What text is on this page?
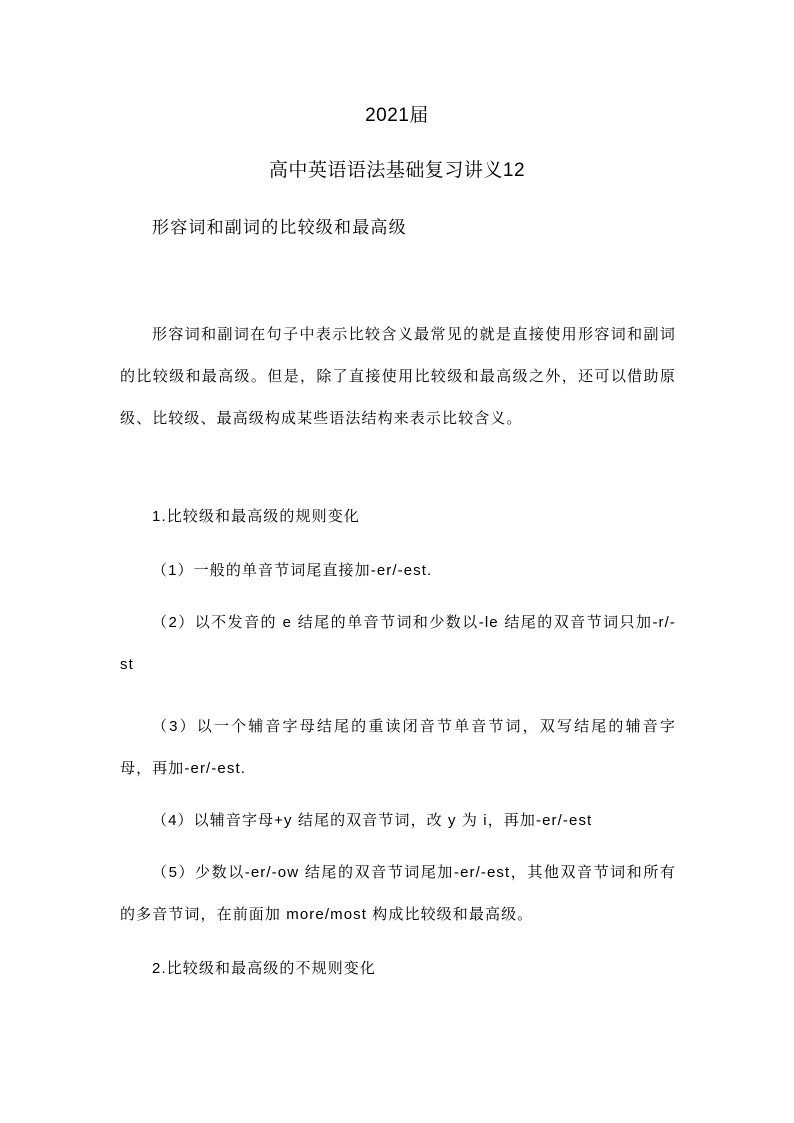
2021届
高中英语语法基础复习讲义12
形容词和副词的比较级和最高级

形容词和副词在句子中表示比较含义最常见的就是直接使用形容词和副词的比较级和最高级。但是，除了直接使用比较级和最高级之外，还可以借助原级、比较级、最高级构成某些语法结构来表示比较含义。

1.比较级和最高级的规则变化

（1）一般的单音节词尾直接加-er/-est.

（2）以不发音的 e 结尾的单音节词和少数以-le 结尾的双音节词只加-r/-st

（3）以一个辅音字母结尾的重读闭音节单音节词，双写结尾的辅音字母，再加-er/-est.

（4）以辅音字母+y 结尾的双音节词，改 y 为 i，再加-er/-est

（5）少数以-er/-ow 结尾的双音节词尾加-er/-est，其他双音节词和所有的多音节词，在前面加 more/most 构成比较级和最高级。

2.比较级和最高级的不规则变化
